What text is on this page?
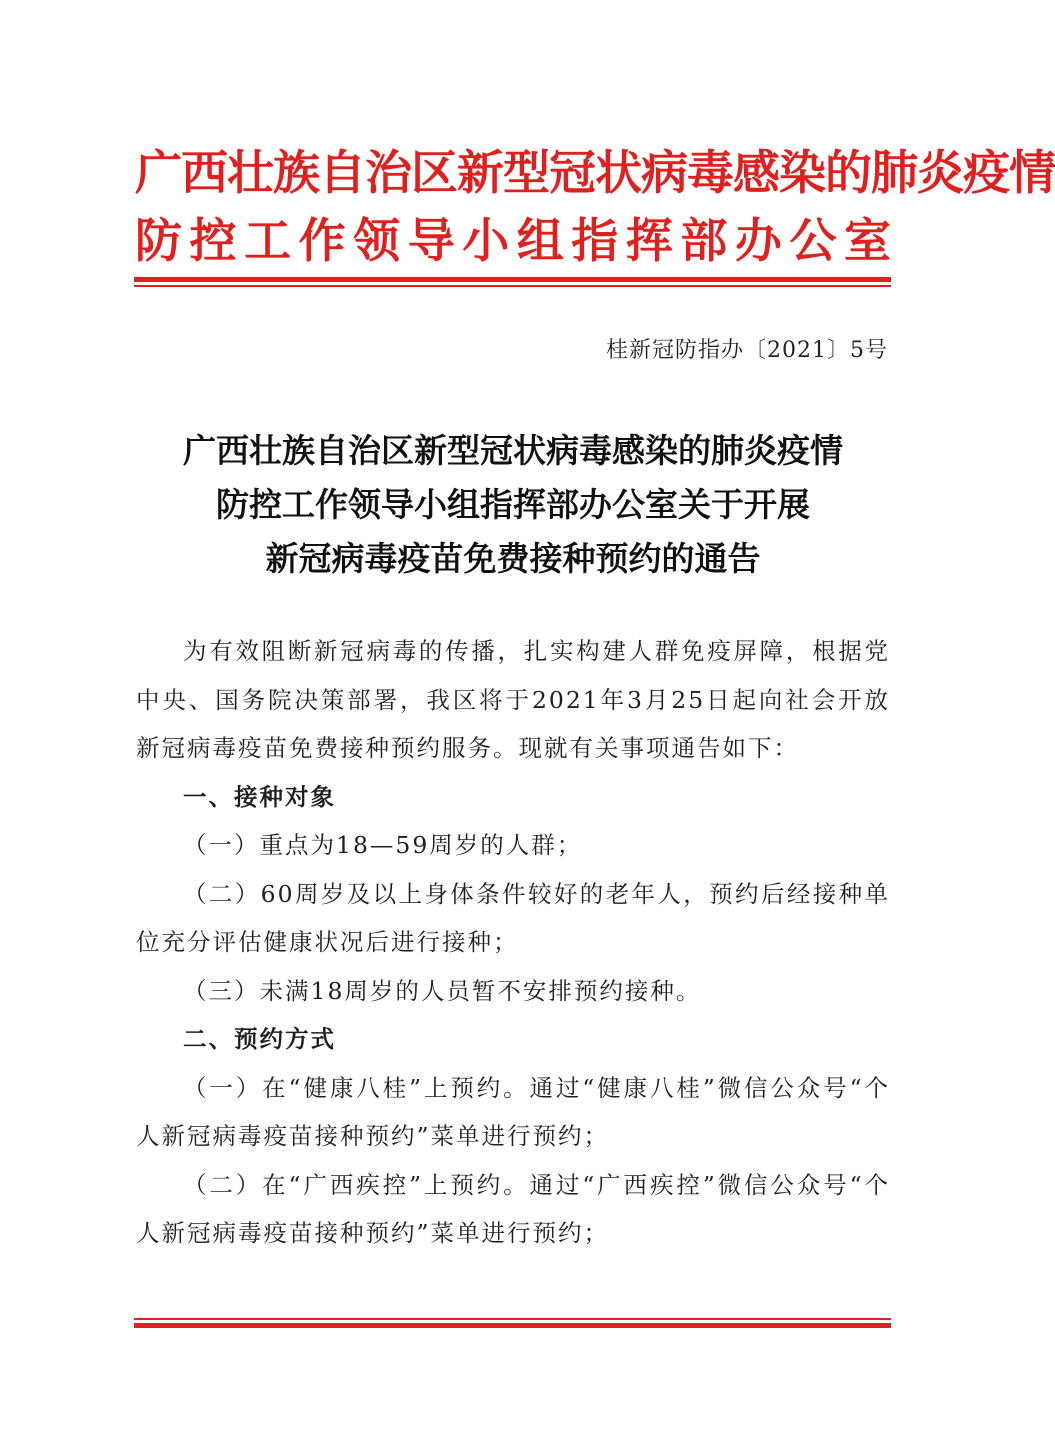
广西壮族自治区新型冠状病毒感染的肺炎疫情
防控工作领导小组指挥部办公室
桂新冠防指办〔2021〕5号
广西壮族自治区新型冠状病毒感染的肺炎疫情
防控工作领导小组指挥部办公室关于开展
新冠病毒疫苗免费接种预约的通告

为有效阻断新冠病毒的传播，扎实构建人群免疫屏障，根据党中央、国务院决策部署，我区将于2021年3月25日起向社会开放新冠病毒疫苗免费接种预约服务。现就有关事项通告如下：

一、接种对象

（一）重点为18—59周岁的人群；

（二）60周岁及以上身体条件较好的老年人，预约后经接种单位充分评估健康状况后进行接种；

（三）未满18周岁的人员暂不安排预约接种。

二、预约方式

（一）在“健康八桂”上预约。通过“健康八桂”微信公众号“个人新冠病毒疫苗接种预约”菜单进行预约；

（二）在“广西疾控”上预约。通过“广西疾控”微信公众号“个人新冠病毒疫苗接种预约”菜单进行预约；
